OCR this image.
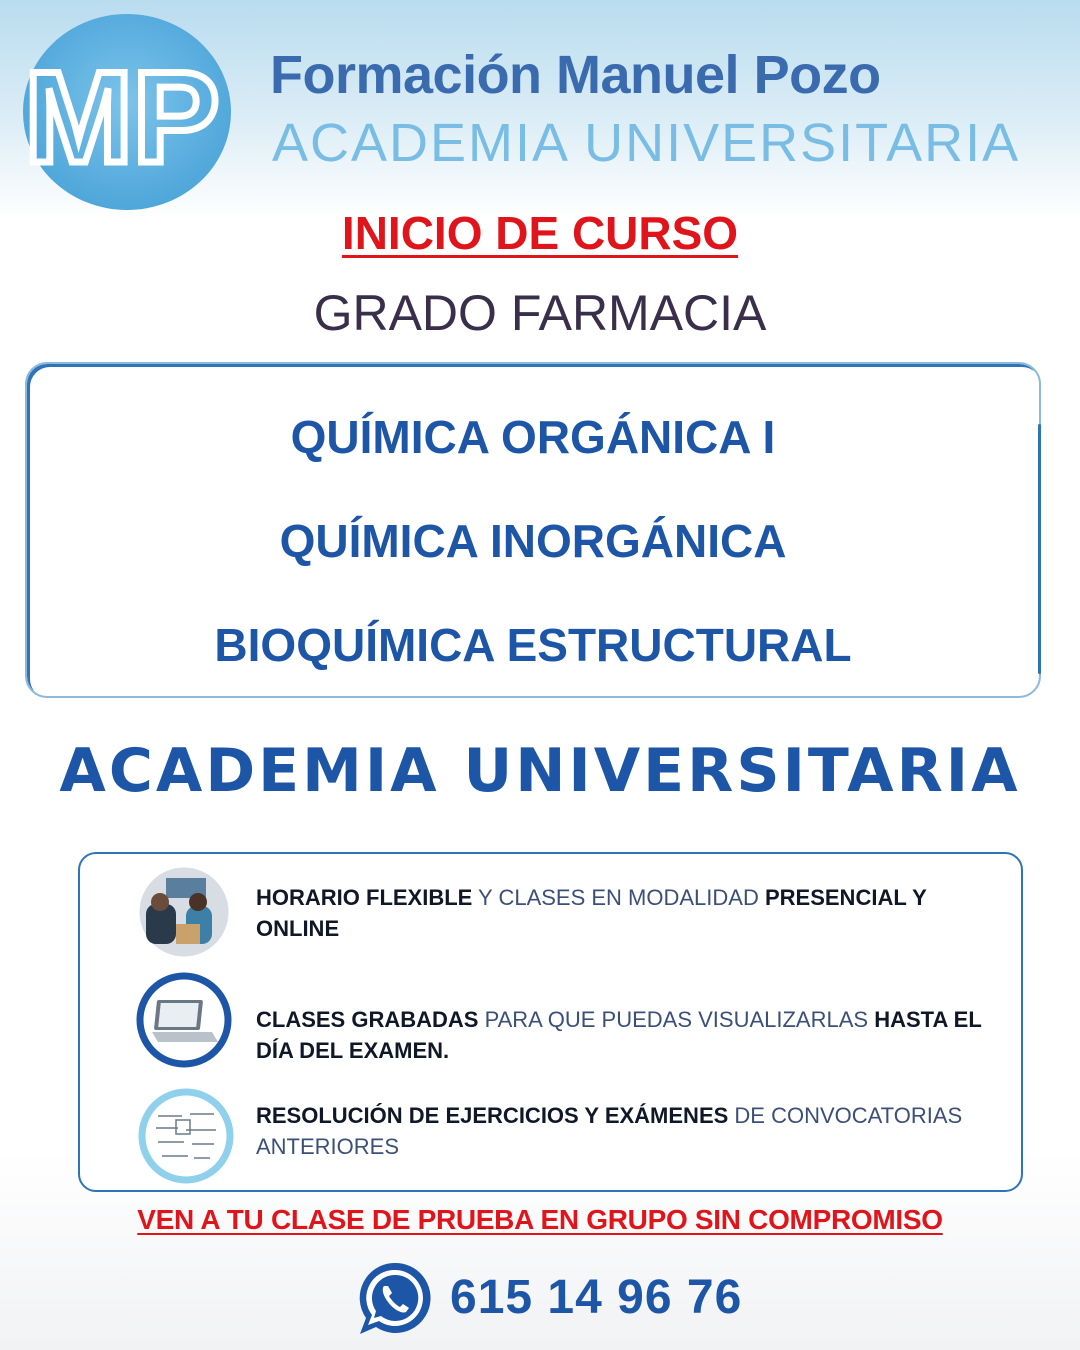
MP Formación Manuel Pozo
ACADEMIA UNIVERSITARIA
INICIO DE CURSO
GRADO FARMACIA
QUÍMICA ORGÁNICA I
QUÍMICA INORGÁNICA
BIOQUÍMICA ESTRUCTURAL
ACADEMIA UNIVERSITARIA
HORARIO FLEXIBLE Y CLASES EN MODALIDAD PRESENCIAL Y ONLINE
CLASES GRABADAS PARA QUE PUEDAS VISUALIZARLAS HASTA EL DÍA DEL EXAMEN.
RESOLUCIÓN DE EJERCICIOS Y EXÁMENES DE CONVOCATORIAS ANTERIORES
VEN A TU CLASE DE PRUEBA EN GRUPO SIN COMPROMISO
615 14 96 76
